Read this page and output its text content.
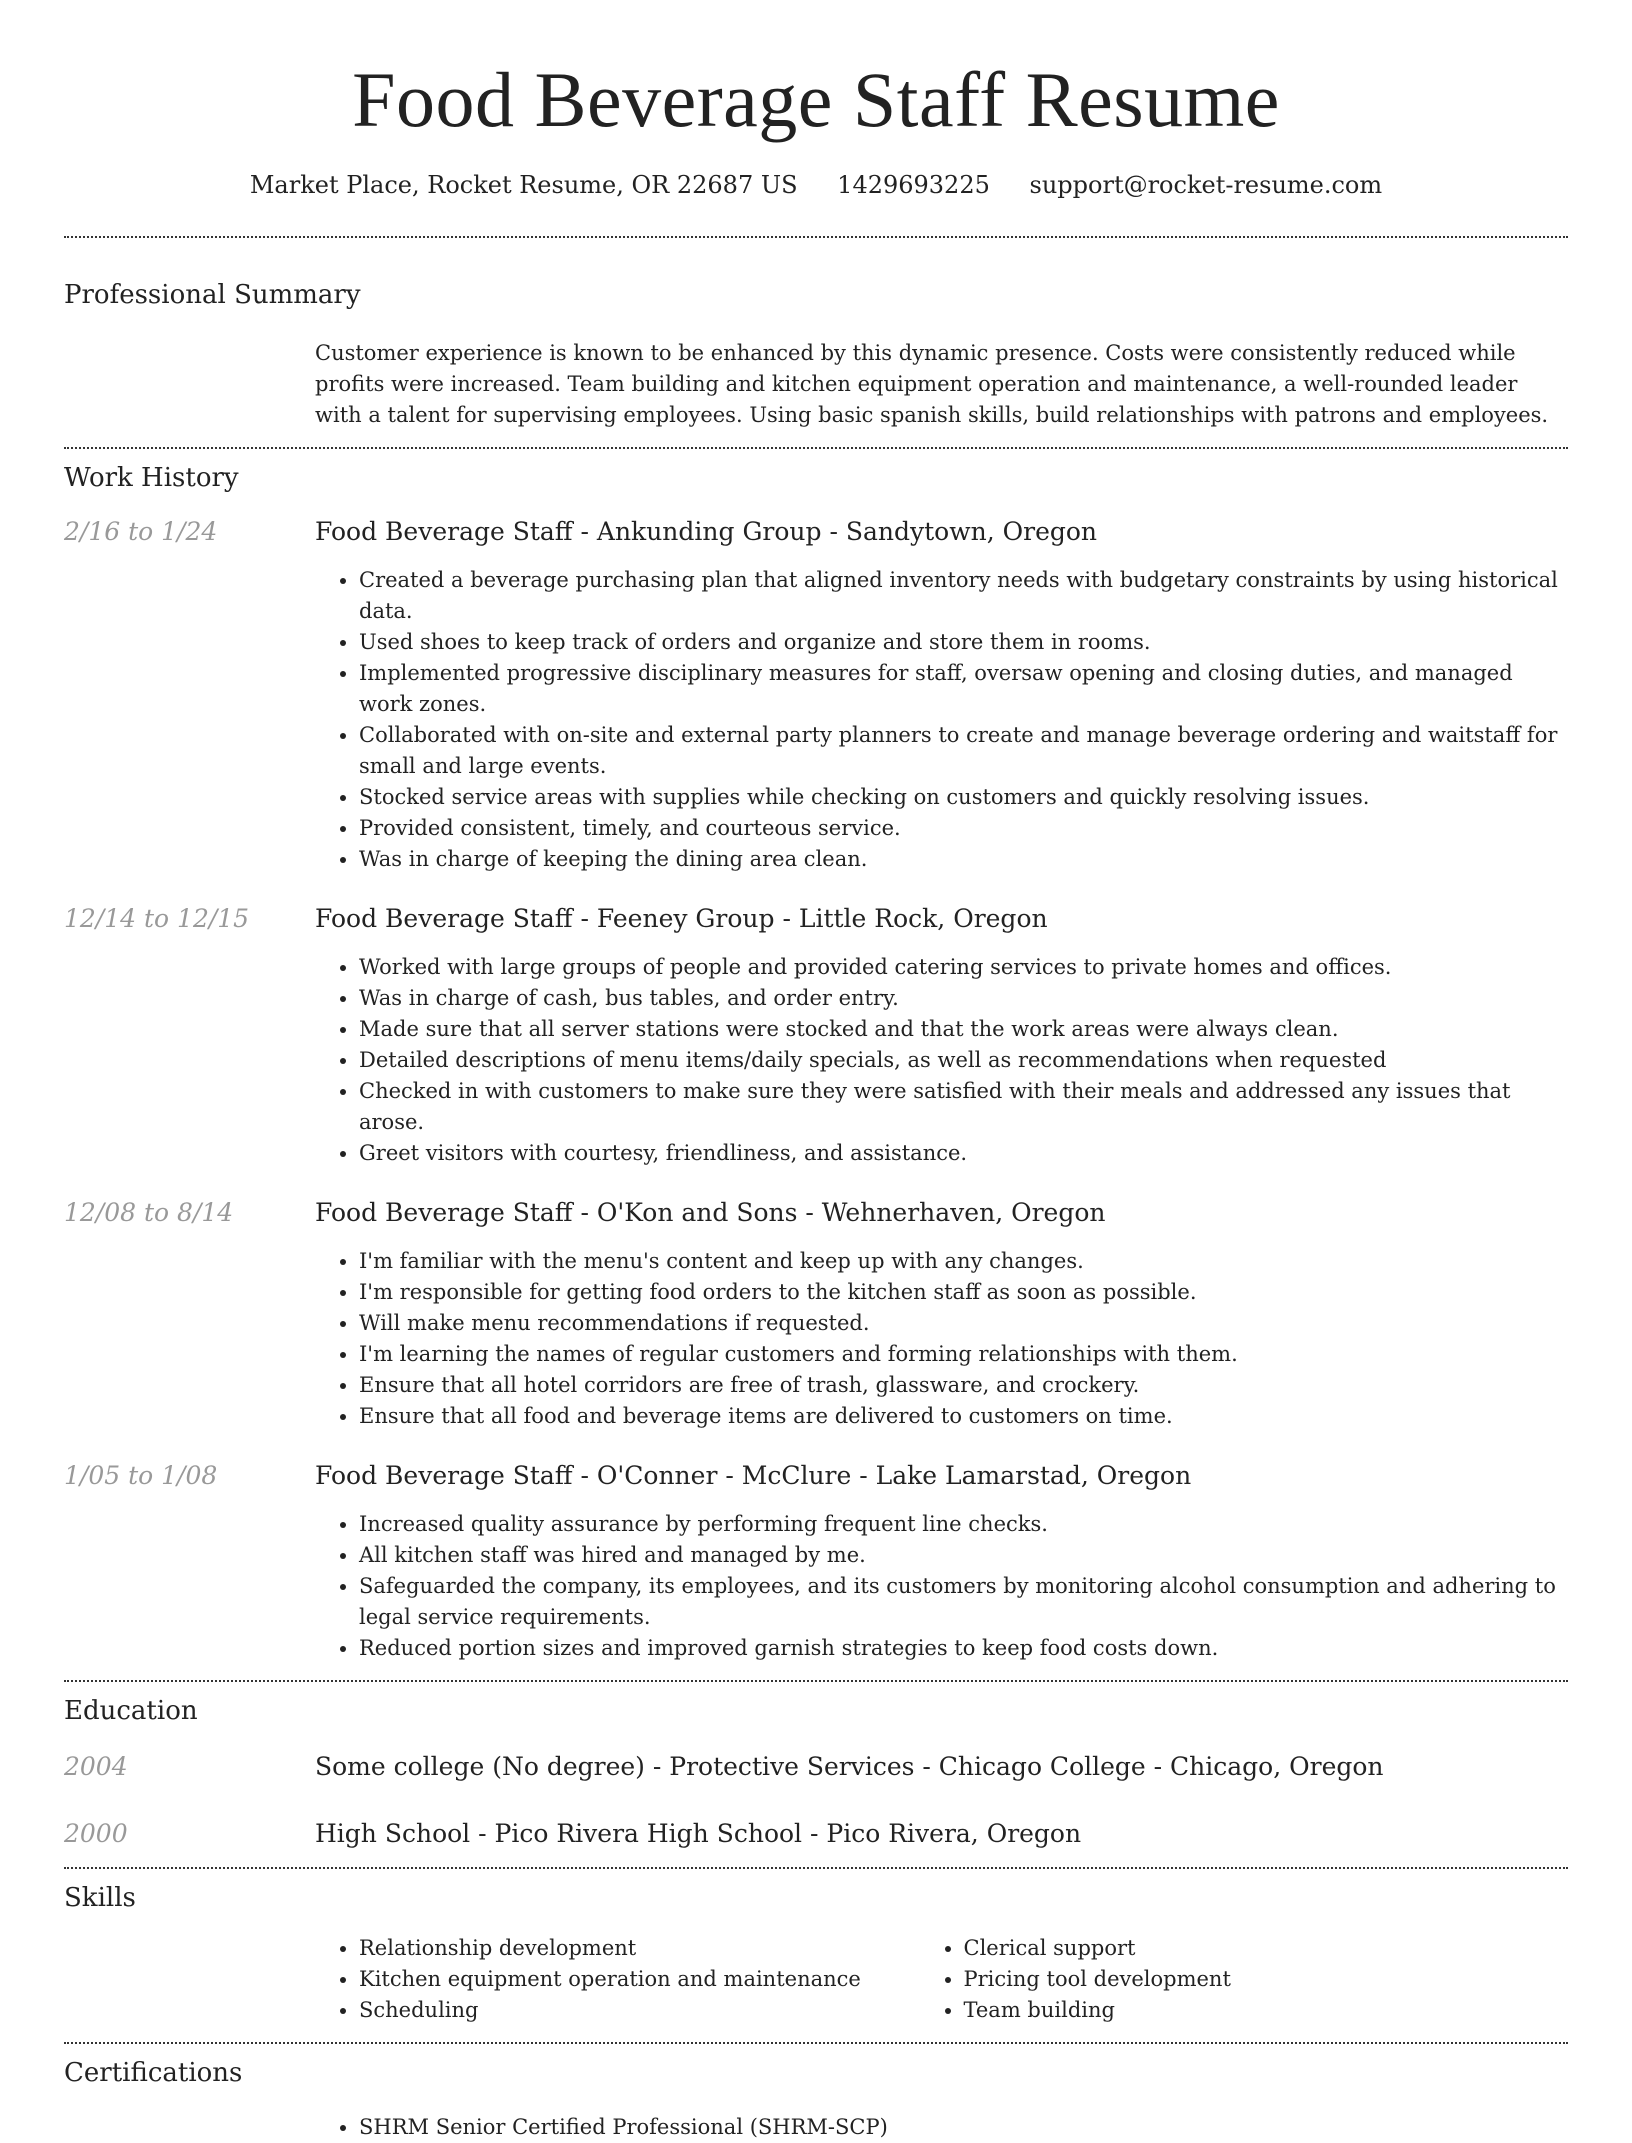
Food Beverage Staff Resume
Market Place, Rocket Resume, OR 22687 US 1429693225 support@rocket-resume.com
Professional Summary
Customer experience is known to be enhanced by this dynamic presence. Costs were consistently reduced while profits were increased. Team building and kitchen equipment operation and maintenance, a well-rounded leader with a talent for supervising employees. Using basic spanish skills, build relationships with patrons and employees.
Work History
2/16 to 1/24	Food Beverage Staff - Ankunding Group - Sandytown, Oregon
• Created a beverage purchasing plan that aligned inventory needs with budgetary constraints by using historical data.
• Used shoes to keep track of orders and organize and store them in rooms.
• Implemented progressive disciplinary measures for staff, oversaw opening and closing duties, and managed work zones.
• Collaborated with on-site and external party planners to create and manage beverage ordering and waitstaff for small and large events.
• Stocked service areas with supplies while checking on customers and quickly resolving issues.
• Provided consistent, timely, and courteous service.
• Was in charge of keeping the dining area clean.
12/14 to 12/15	Food Beverage Staff - Feeney Group - Little Rock, Oregon
• Worked with large groups of people and provided catering services to private homes and offices.
• Was in charge of cash, bus tables, and order entry.
• Made sure that all server stations were stocked and that the work areas were always clean.
• Detailed descriptions of menu items/daily specials, as well as recommendations when requested
• Checked in with customers to make sure they were satisfied with their meals and addressed any issues that arose.
• Greet visitors with courtesy, friendliness, and assistance.
12/08 to 8/14	Food Beverage Staff - O'Kon and Sons - Wehnerhaven, Oregon
• I'm familiar with the menu's content and keep up with any changes.
• I'm responsible for getting food orders to the kitchen staff as soon as possible.
• Will make menu recommendations if requested.
• I'm learning the names of regular customers and forming relationships with them.
• Ensure that all hotel corridors are free of trash, glassware, and crockery.
• Ensure that all food and beverage items are delivered to customers on time.
1/05 to 1/08	Food Beverage Staff - O'Conner - McClure - Lake Lamarstad, Oregon
• Increased quality assurance by performing frequent line checks.
• All kitchen staff was hired and managed by me.
• Safeguarded the company, its employees, and its customers by monitoring alcohol consumption and adhering to legal service requirements.
• Reduced portion sizes and improved garnish strategies to keep food costs down.
Education
2004	Some college (No degree) - Protective Services - Chicago College - Chicago, Oregon
2000	High School - Pico Rivera High School - Pico Rivera, Oregon
Skills
• Relationship development
• Kitchen equipment operation and maintenance
• Scheduling
• Clerical support
• Pricing tool development
• Team building
Certifications
• SHRM Senior Certified Professional (SHRM-SCP)
